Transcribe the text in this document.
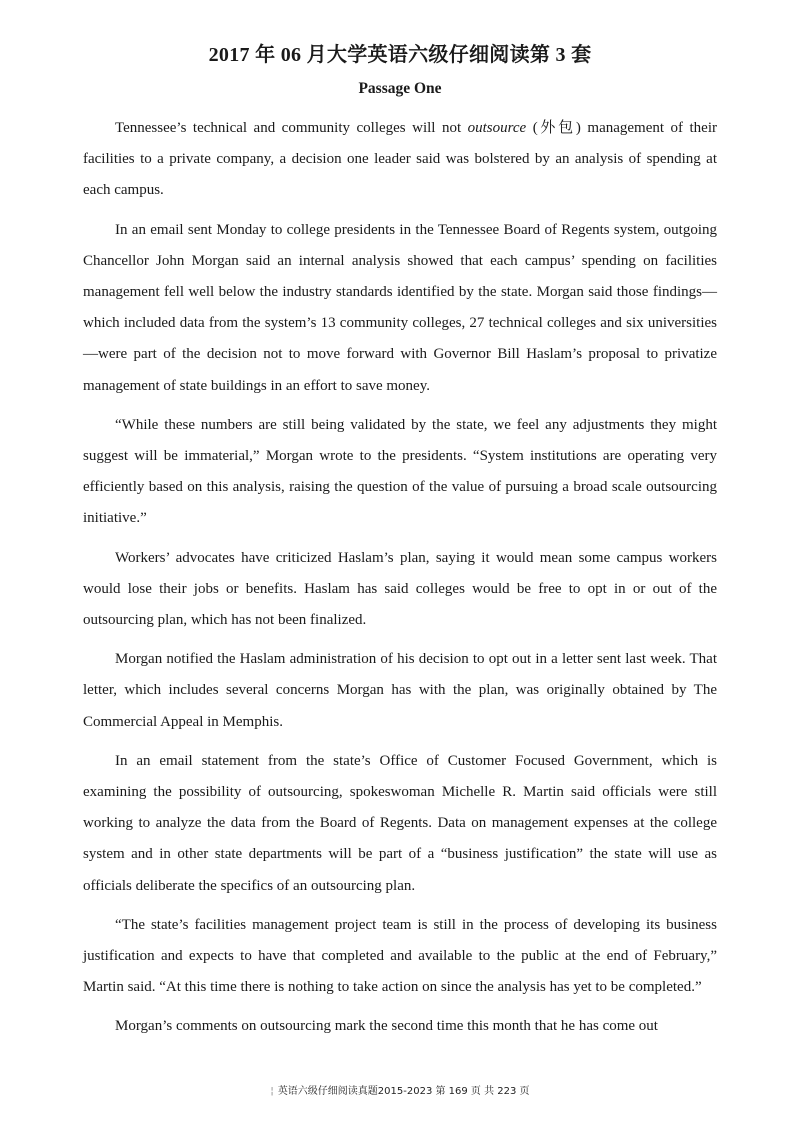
2017 年 06 月大学英语六级仔细阅读第 3 套
Passage One

Tennessee’s technical and community colleges will not outsource (外包) management of their facilities to a private company, a decision one leader said was bolstered by an analysis of spending at each campus.

In an email sent Monday to college presidents in the Tennessee Board of Regents system, outgoing Chancellor John Morgan said an internal analysis showed that each campus’ spending on facilities management fell well below the industry standards identified by the state. Morgan said those findings—which included data from the system’s 13 community colleges, 27 technical colleges and six universities—were part of the decision not to move forward with Governor Bill Haslam’s proposal to privatize management of state buildings in an effort to save money.

“While these numbers are still being validated by the state, we feel any adjustments they might suggest will be immaterial,” Morgan wrote to the presidents. “System institutions are operating very efficiently based on this analysis, raising the question of the value of pursuing a broad scale outsourcing initiative.”

Workers’ advocates have criticized Haslam’s plan, saying it would mean some campus workers would lose their jobs or benefits. Haslam has said colleges would be free to opt in or out of the outsourcing plan, which has not been finalized.

Morgan notified the Haslam administration of his decision to opt out in a letter sent last week. That letter, which includes several concerns Morgan has with the plan, was originally obtained by The Commercial Appeal in Memphis.

In an email statement from the state’s Office of Customer Focused Government, which is examining the possibility of outsourcing, spokeswoman Michelle R. Martin said officials were still working to analyze the data from the Board of Regents. Data on management expenses at the college system and in other state departments will be part of a “business justification” the state will use as officials deliberate the specifics of an outsourcing plan.

“The state’s facilities management project team is still in the process of developing its business justification and expects to have that completed and available to the public at the end of February,” Martin said. “At this time there is nothing to take action on since the analysis has yet to be completed.”

Morgan’s comments on outsourcing mark the second time this month that he has come out

¦ 英语六级仔细阅读真题2015-2023 第 169 页 共 223 页
